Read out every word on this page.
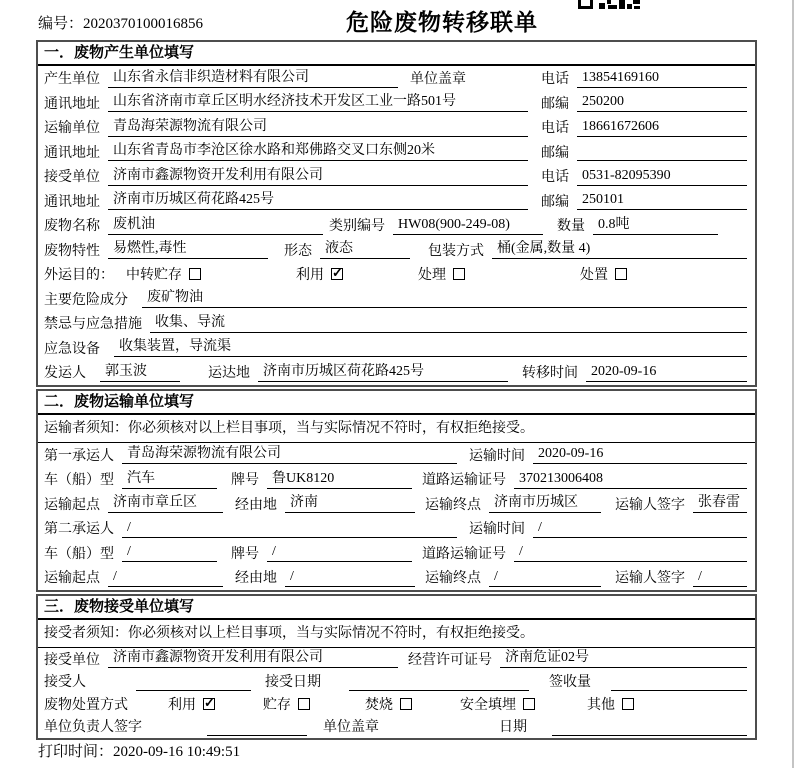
编号：2020370100016856	危险废物转移联单
一．废物产生单位填写
产生单位 山东省永信非织造材料有限公司	单位盖章	电话 13854169160
通讯地址 山东省济南市章丘区明水经济技术开发区工业一路501号	邮编 250200
运输单位 青岛海荣源物流有限公司	电话 18661672606
通讯地址 山东省青岛市李沧区徐水路和郑佛路交叉口东侧20米	邮编
接受单位 济南市鑫源物资开发利用有限公司	电话 0531-82095390
通讯地址 济南市历城区荷花路425号	邮编 250101
废物名称 废机油	类别编号 HW08(900-249-08)	数量 0.8吨
废物特性 易燃性,毒性	形态 液态	包装方式 桶(金属,数量 4)
外运目的： 中转贮存	利用 ✓	处理	处置
主要危险成分	废矿物油
禁忌与应急措施 收集、导流
应急设备	收集装置，导流渠
发运人	郭玉波	运达地 济南市历城区荷花路425号	转移时间 2020-09-16
二．废物运输单位填写
运输者须知：你必须核对以上栏目事项，当与实际情况不符时，有权拒绝接受。
第一承运人 青岛海荣源物流有限公司	运输时间 2020-09-16
车（船）型 汽车	牌号 鲁UK8120	道路运输证号 370213006408
运输起点 济南市章丘区	经由地 济南	运输终点 济南市历城区	运输人签字 张春雷
第二承运人 /	运输时间 /
车（船）型 /	牌号 /	道路运输证号 /
运输起点 /	经由地 /	运输终点 /	运输人签字 /
三．废物接受单位填写
接受者须知：你必须核对以上栏目事项，当与实际情况不符时，有权拒绝接受。
接受单位 济南市鑫源物资开发利用有限公司	经营许可证号 济南危证02号
接受人	接受日期	签收量
废物处置方式	利用 ✓	贮存	焚烧	安全填埋	其他
单位负责人签字	单位盖章	日期
打印时间：2020-09-16 10:49:51
